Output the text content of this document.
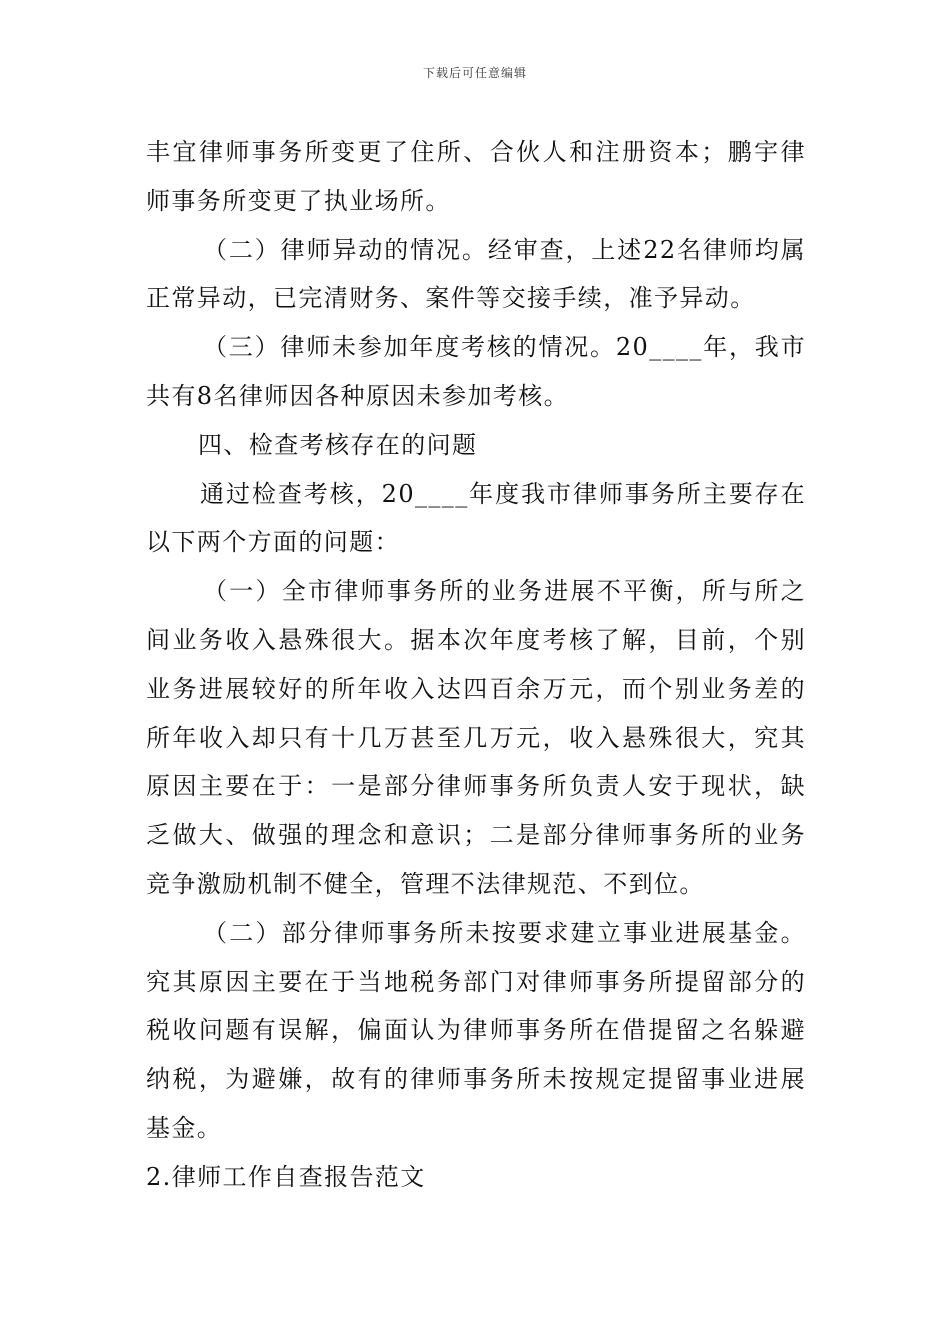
下载后可任意编辑

丰宜律师事务所变更了住所、合伙人和注册资本；鹏宇律师事务所变更了执业场所。

（二）律师异动的情况。经审查，上述22名律师均属正常异动，已完清财务、案件等交接手续，准予异动。

（三）律师未参加年度考核的情况。20____年，我市共有8名律师因各种原因未参加考核。

四、检查考核存在的问题

通过检查考核，20____年度我市律师事务所主要存在以下两个方面的问题：

（一）全市律师事务所的业务进展不平衡，所与所之间业务收入悬殊很大。据本次年度考核了解，目前，个别业务进展较好的所年收入达四百余万元，而个别业务差的所年收入却只有十几万甚至几万元，收入悬殊很大，究其原因主要在于：一是部分律师事务所负责人安于现状，缺乏做大、做强的理念和意识；二是部分律师事务所的业务竞争激励机制不健全，管理不法律规范、不到位。

（二）部分律师事务所未按要求建立事业进展基金。究其原因主要在于当地税务部门对律师事务所提留部分的税收问题有误解，偏面认为律师事务所在借提留之名躲避纳税，为避嫌，故有的律师事务所未按规定提留事业进展基金。

2.律师工作自查报告范文
